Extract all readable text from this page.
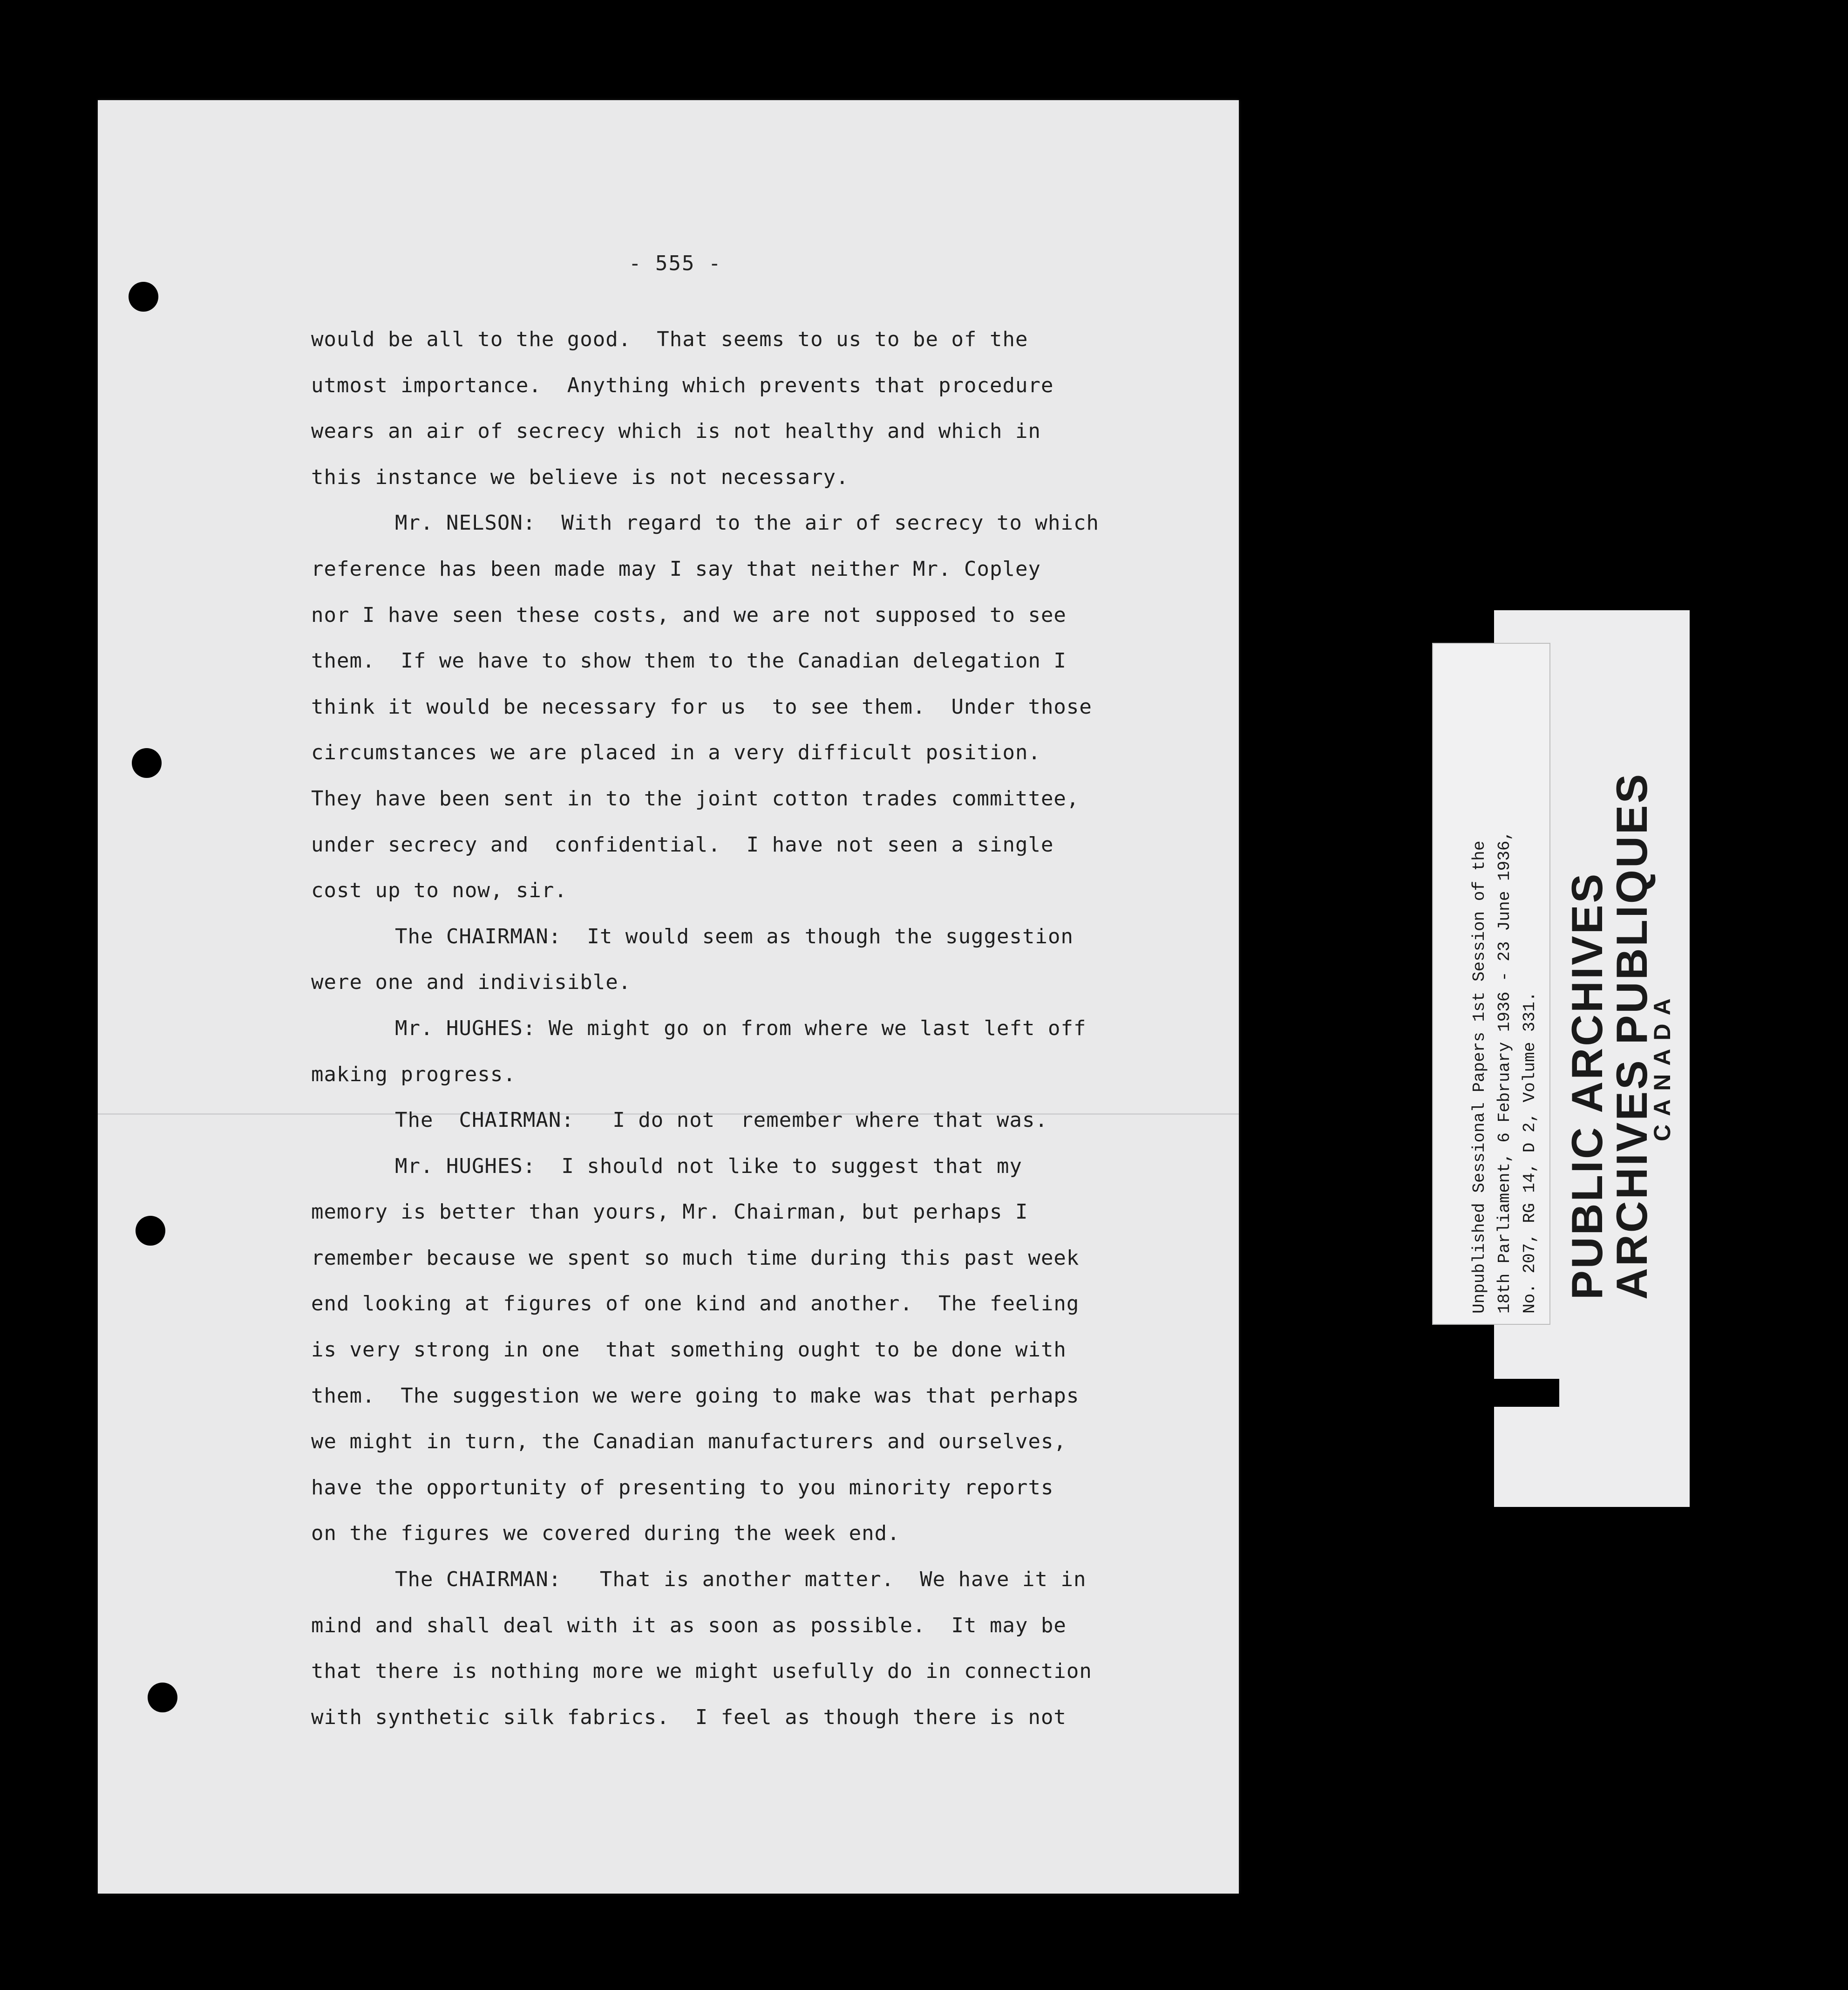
- 555 -
would be all to the good.  That seems to us to be of the
utmost importance.  Anything which prevents that procedure
wears an air of secrecy which is not healthy and which in
this instance we believe is not necessary.
Mr. NELSON:  With regard to the air of secrecy to which
reference has been made may I say that neither Mr. Copley
nor I have seen these costs, and we are not supposed to see
them.  If we have to show them to the Canadian delegation I
think it would be necessary for us  to see them.  Under those
circumstances we are placed in a very difficult position.
They have been sent in to the joint cotton trades committee,
under secrecy and  confidential.  I have not seen a single
cost up to now, sir.
The CHAIRMAN:  It would seem as though the suggestion
were one and indivisible.
Mr. HUGHES: We might go on from where we last left off
making progress.
The  CHAIRMAN:   I do not  remember where that was.
Mr. HUGHES:  I should not like to suggest that my
memory is better than yours, Mr. Chairman, but perhaps I
remember because we spent so much time during this past week
end looking at figures of one kind and another.  The feeling
is very strong in one  that something ought to be done with
them.  The suggestion we were going to make was that perhaps
we might in turn, the Canadian manufacturers and ourselves,
have the opportunity of presenting to you minority reports
on the figures we covered during the week end.
The CHAIRMAN:   That is another matter.  We have it in
mind and shall deal with it as soon as possible.  It may be
that there is nothing more we might usefully do in connection
with synthetic silk fabrics.  I feel as though there is not
Unpublished Sessional Papers 1st Session of the 18th Parliament, 6 February 1936 - 23 June 1936, No. 207, RG 14, D 2, Volume 331. PUBLIC ARCHIVES
ARCHIVES PUBLIQUES
CANADA
